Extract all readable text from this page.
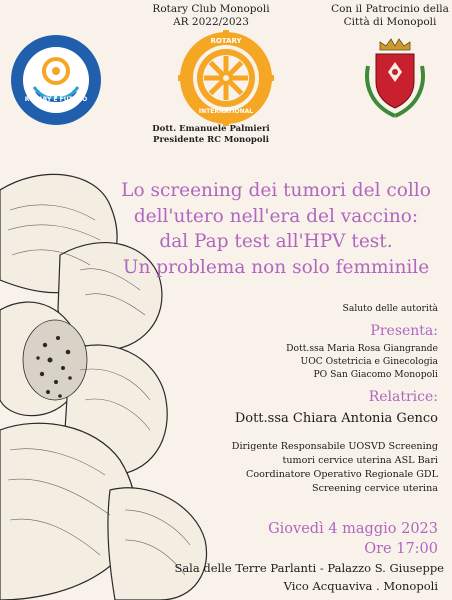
ROTARY È FUTURO
Rotary Club Monopoli
AR 2022/2023
ROTARY
INTERNATIONAL
Dott. Emanuele Palmieri
Presidente RC Monopoli
Con il Patrocinio della
Città di Monopoli
Lo screening dei tumori del collo
dell'utero nell'era del vaccino:
dal Pap test all'HPV test.
Un problema non solo femminile
Saluto delle autorità
Presenta:
Dott.ssa Maria Rosa Giangrande
UOC Ostetricia e Ginecologia
PO San Giacomo Monopoli
Relatrice:
Dott.ssa Chiara Antonia Genco
Dirigente Responsabile UOSVD Screening
tumori cervice uterina ASL Bari
Coordinatore Operativo Regionale GDL
Screening cervice uterina
Giovedì 4 maggio 2023
Ore 17:00
Sala delle Terre Parlanti - Palazzo S. Giuseppe
Vico Acquaviva . Monopoli
